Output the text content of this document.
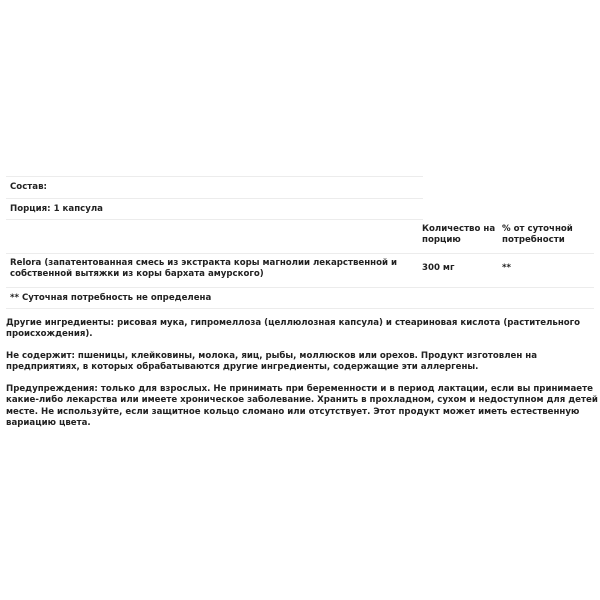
Состав:
Порция: 1 капсула
Количество на порцию
% от суточной потребности
Relora (запатентованная смесь из экстракта коры магнолии лекарственной и собственной вытяжки из коры бархата амурского)
300 мг	**
** Суточная потребность не определена
Другие ингредиенты: рисовая мука, гипромеллоза (целлюлозная капсула) и стеариновая кислота (растительного происхождения).
Не содержит: пшеницы, клейковины, молока, яиц, рыбы, моллюсков или орехов. Продукт изготовлен на предприятиях, в которых обрабатываются другие ингредиенты, содержащие эти аллергены.
Предупреждения: только для взрослых. Не принимать при беременности и в период лактации, если вы принимаете какие-либо лекарства или имеете хроническое заболевание. Хранить в прохладном, сухом и недоступном для детей месте. Не используйте, если защитное кольцо сломано или отсутствует. Этот продукт может иметь естественную вариацию цвета.
